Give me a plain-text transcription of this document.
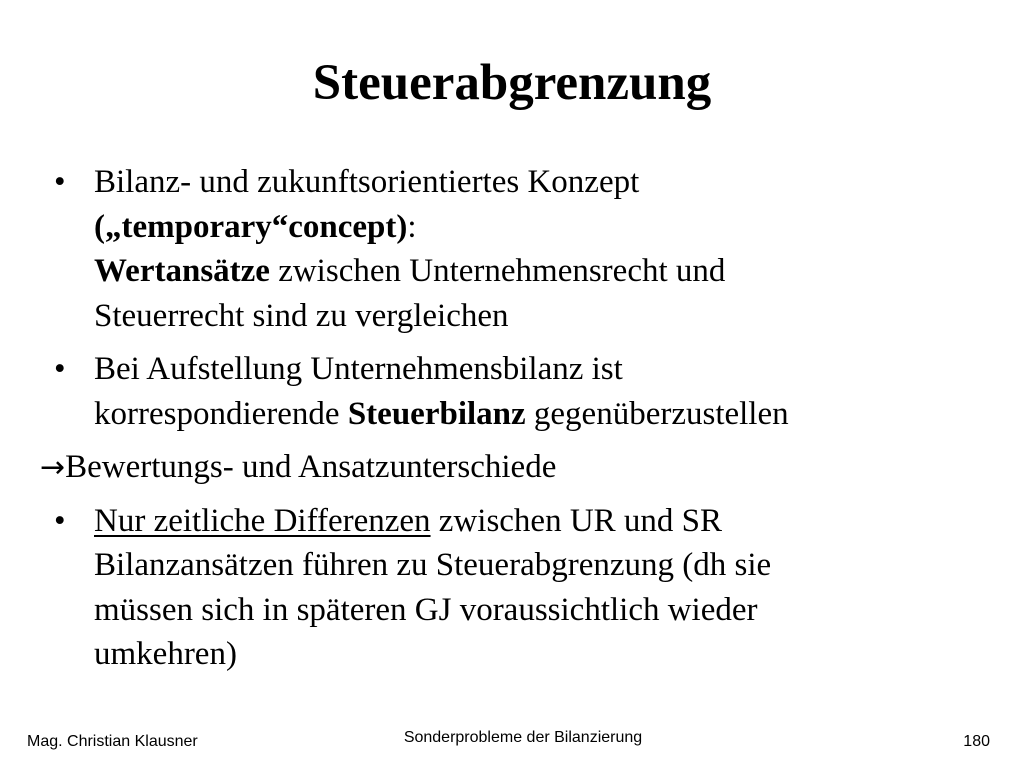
Steuerabgrenzung
• Bilanz- und zukunftsorientiertes Konzept
(„temporary“concept):
Wertansätze zwischen Unternehmensrecht und
Steuerrecht sind zu vergleichen
• Bei Aufstellung Unternehmensbilanz ist
korrespondierende Steuerbilanz gegenüberzustellen
→Bewertungs- und Ansatzunterschiede
• Nur zeitliche Differenzen zwischen UR und SR
Bilanzansätzen führen zu Steuerabgrenzung (dh sie
müssen sich in späteren GJ voraussichtlich wieder
umkehren)
Mag. Christian Klausner	Sonderprobleme der Bilanzierung	180
